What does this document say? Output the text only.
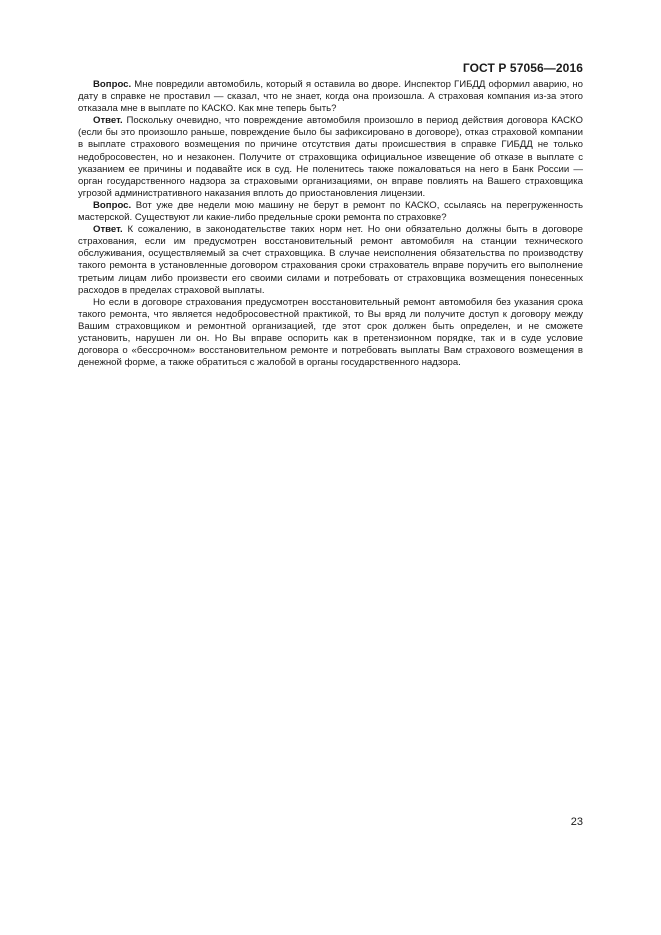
ГОСТ Р 57056—2016

Вопрос. Мне повредили автомобиль, который я оставила во дворе. Инспектор ГИБДД оформил аварию, но дату в справке не проставил — сказал, что не знает, когда она произошла. А страховая компания из-за этого отказала мне в выплате по КАСКО. Как мне теперь быть?

Ответ. Поскольку очевидно, что повреждение автомобиля произошло в период действия договора КАСКО (если бы это произошло раньше, повреждение было бы зафиксировано в договоре), отказ страховой компании в выплате страхового возмещения по причине отсутствия даты происшествия в справке ГИБДД не только недобросовестен, но и незаконен. Получите от страховщика официальное извещение об отказе в выплате с указанием ее причины и подавайте иск в суд. Не поленитесь также пожаловаться на него в Банк России — орган государственного надзора за страховыми организациями, он вправе повлиять на Вашего страховщика угрозой административного наказания вплоть до приостановления лицензии.

Вопрос. Вот уже две недели мою машину не берут в ремонт по КАСКО, ссылаясь на перегруженность мастерской. Существуют ли какие-либо предельные сроки ремонта по страховке?

Ответ. К сожалению, в законодательстве таких норм нет. Но они обязательно должны быть в договоре страхования, если им предусмотрен восстановительный ремонт автомобиля на станции технического обслуживания, осуществляемый за счет страховщика. В случае неисполнения обязательства по производству такого ремонта в установленные договором страхования сроки страхователь вправе поручить его выполнение третьим лицам либо произвести его своими силами и потребовать от страховщика возмещения понесенных расходов в пределах страховой выплаты.

Но если в договоре страхования предусмотрен восстановительный ремонт автомобиля без указания срока такого ремонта, что является недобросовестной практикой, то Вы вряд ли получите доступ к договору между Вашим страховщиком и ремонтной организацией, где этот срок должен быть определен, и не сможете установить, нарушен ли он. Но Вы вправе оспорить как в претензионном порядке, так и в суде условие договора о «бессрочном» восстановительном ремонте и потребовать выплаты Вам страхового возмещения в денежной форме, а также обратиться с жалобой в органы государственного надзора.

23
